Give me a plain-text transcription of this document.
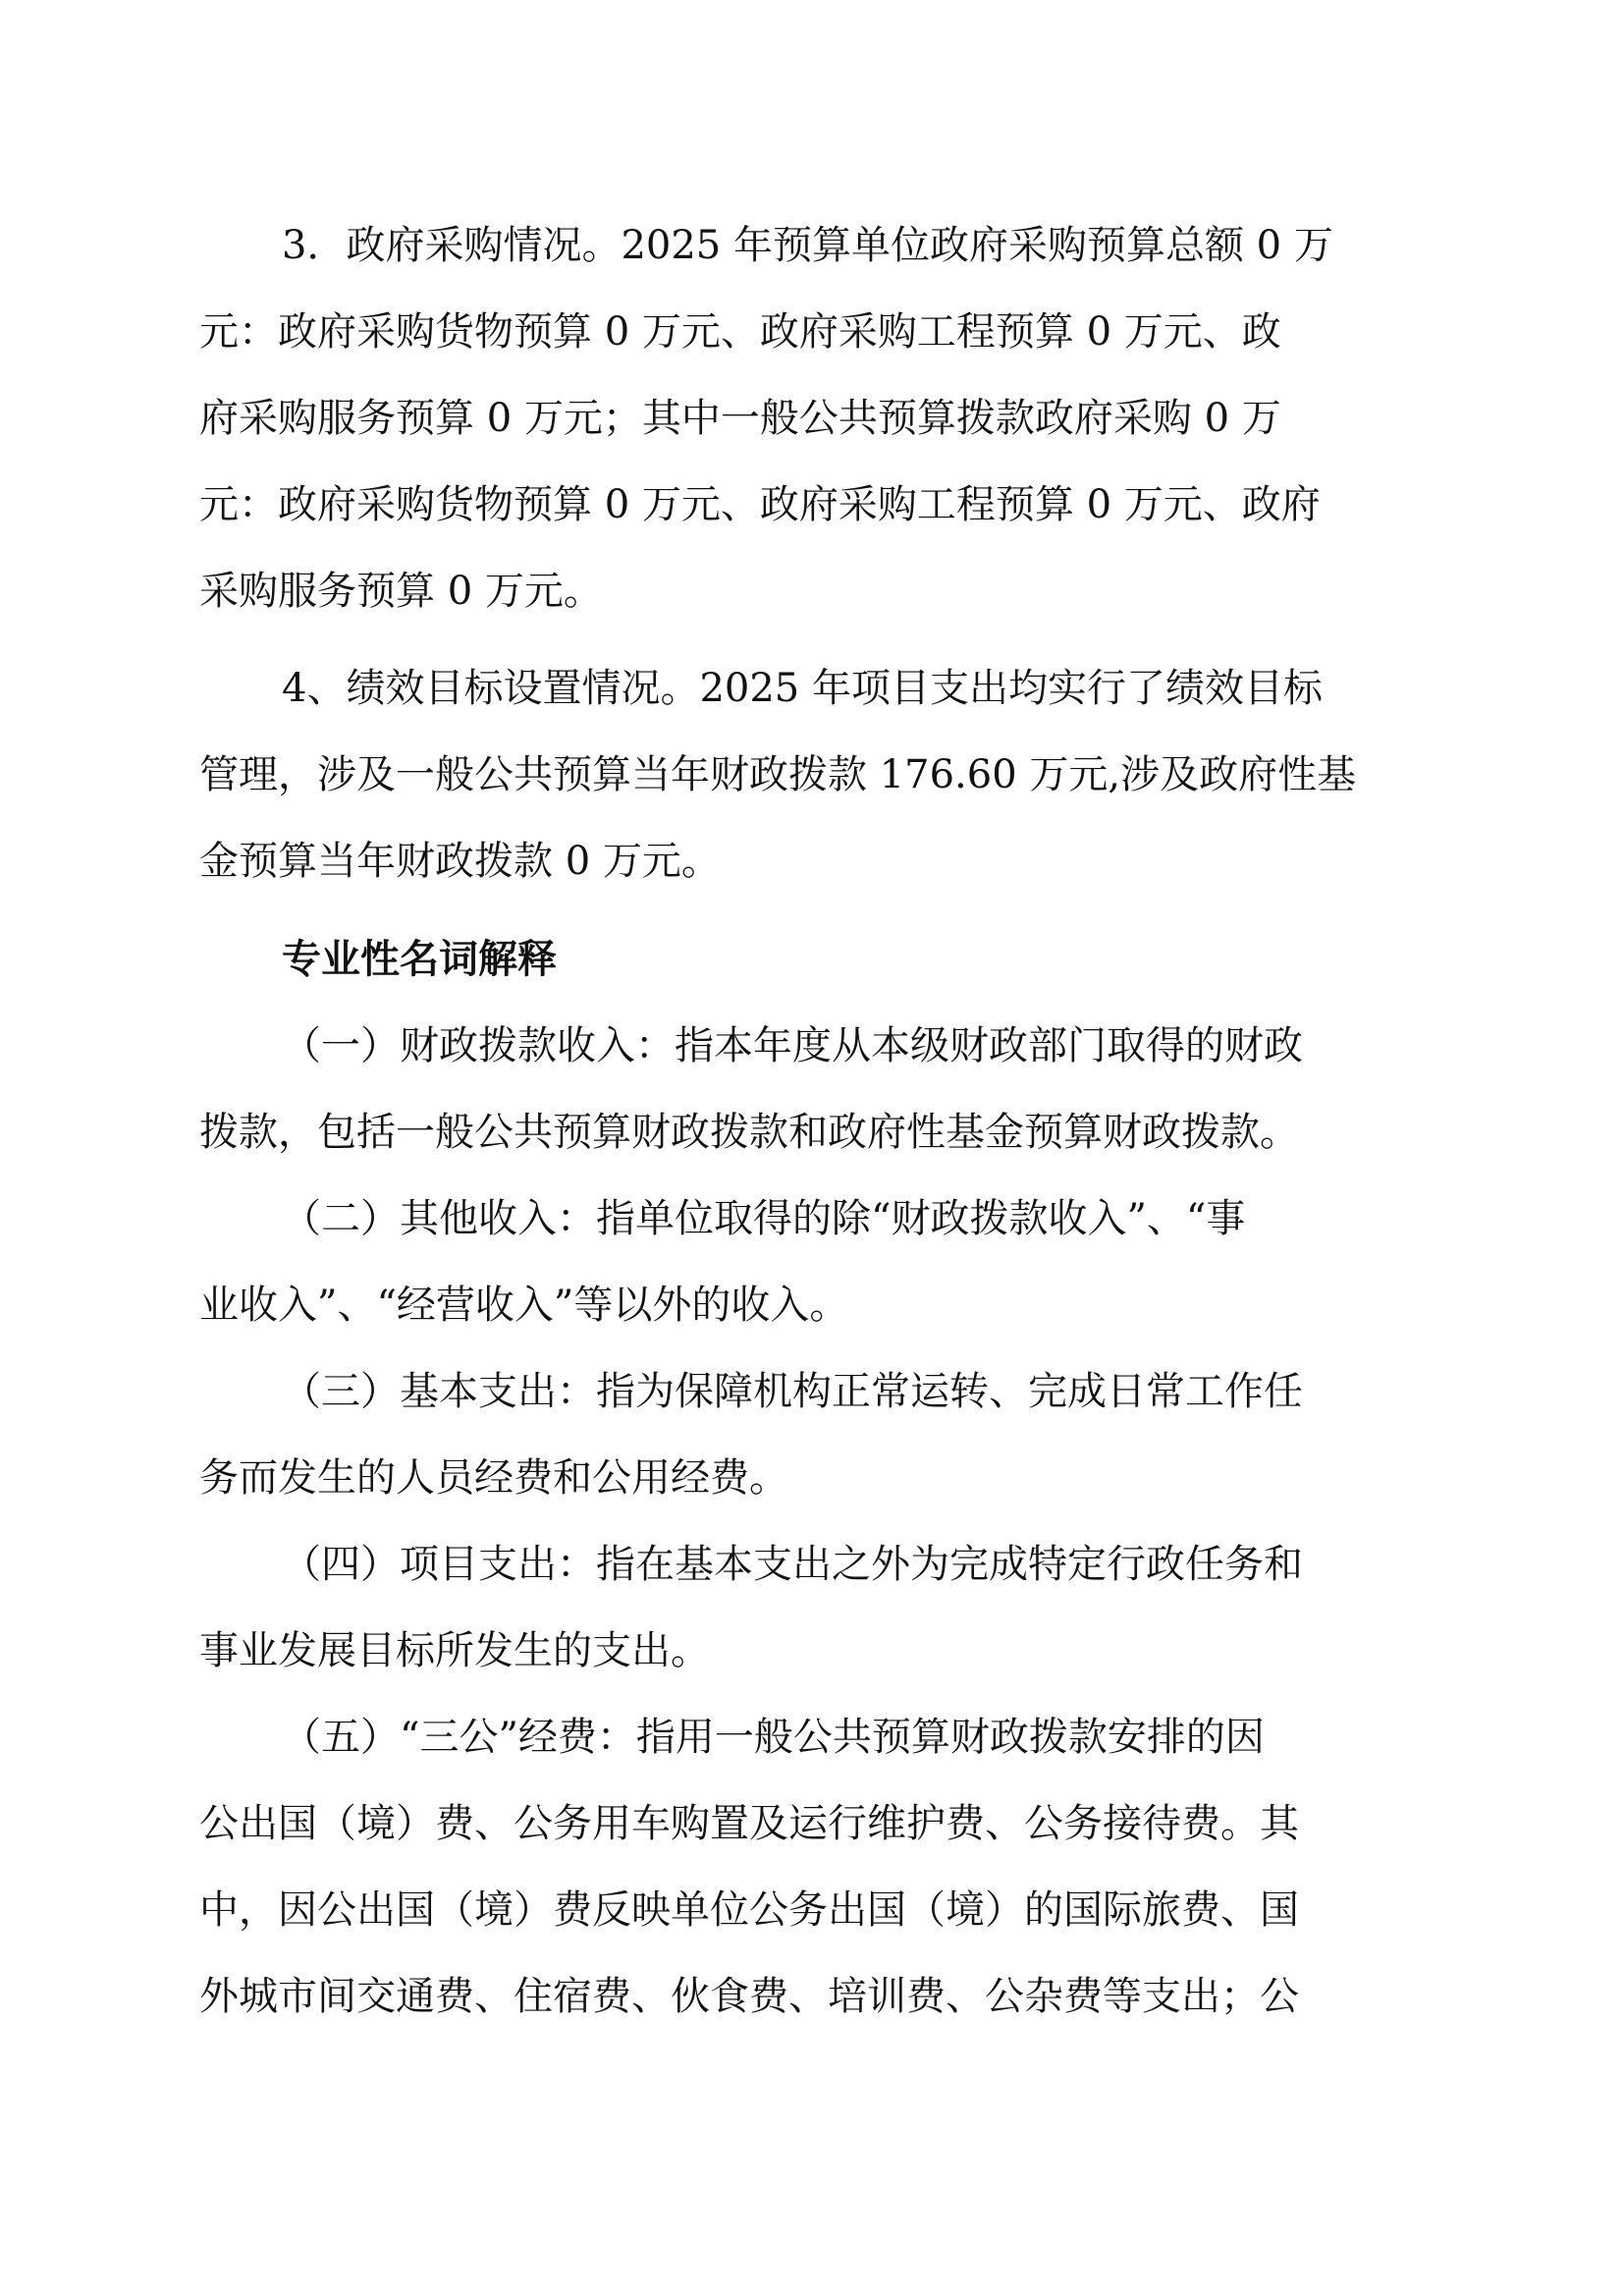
3．政府采购情况。2025 年预算单位政府采购预算总额 0 万
元：政府采购货物预算 0 万元、政府采购工程预算 0 万元、政
府采购服务预算 0 万元；其中一般公共预算拨款政府采购 0 万
元：政府采购货物预算 0 万元、政府采购工程预算 0 万元、政府
采购服务预算 0 万元。
4、绩效目标设置情况。2025 年项目支出均实行了绩效目标
管理，涉及一般公共预算当年财政拨款 176.60 万元,涉及政府性基
金预算当年财政拨款 0 万元。
专业性名词解释
（一）财政拨款收入：指本年度从本级财政部门取得的财政
拨款，包括一般公共预算财政拨款和政府性基金预算财政拨款。
（二）其他收入：指单位取得的除“财政拨款收入”、“事
业收入”、“经营收入”等以外的收入。
（三）基本支出：指为保障机构正常运转、完成日常工作任
务而发生的人员经费和公用经费。
（四）项目支出：指在基本支出之外为完成特定行政任务和
事业发展目标所发生的支出。
（五）“三公”经费：指用一般公共预算财政拨款安排的因
公出国（境）费、公务用车购置及运行维护费、公务接待费。其
中，因公出国（境）费反映单位公务出国（境）的国际旅费、国
外城市间交通费、住宿费、伙食费、培训费、公杂费等支出；公
